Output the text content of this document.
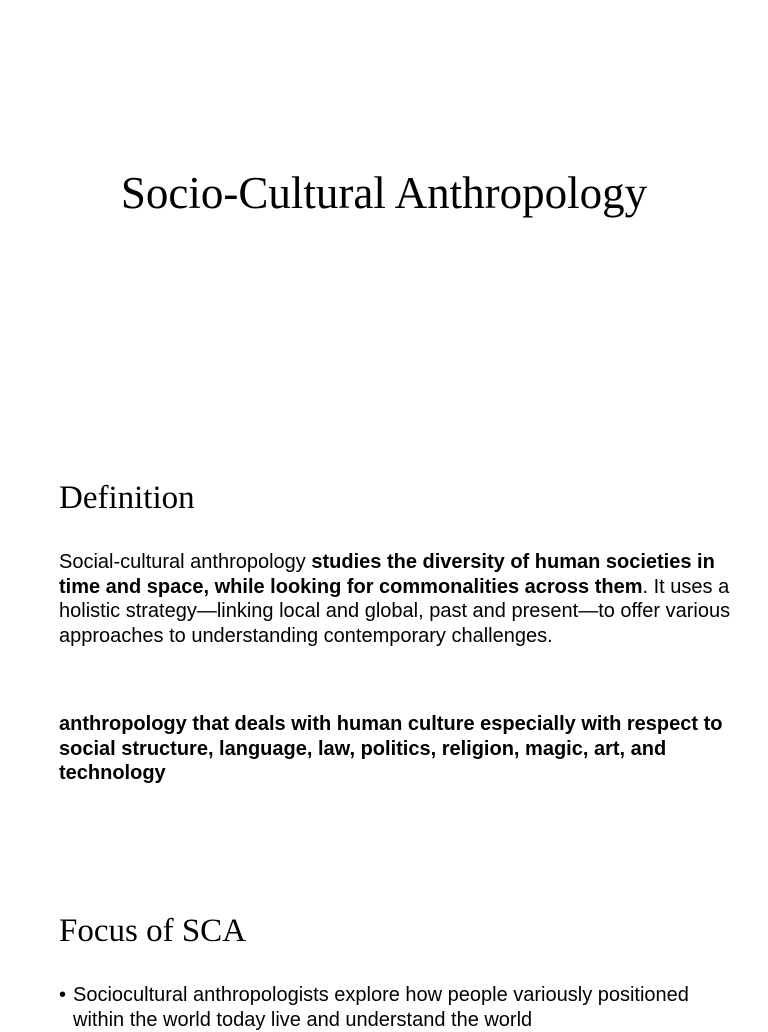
Socio-Cultural Anthropology
Definition

Social-cultural anthropology studies the diversity of human societies in time and space, while looking for commonalities across them. It uses a holistic strategy—linking local and global, past and present—to offer various approaches to understanding contemporary challenges.

anthropology that deals with human culture especially with respect to social structure, language, law, politics, religion, magic, art, and technology

Focus of SCA
• Sociocultural anthropologists explore how people variously positioned within the world today live and understand the world
